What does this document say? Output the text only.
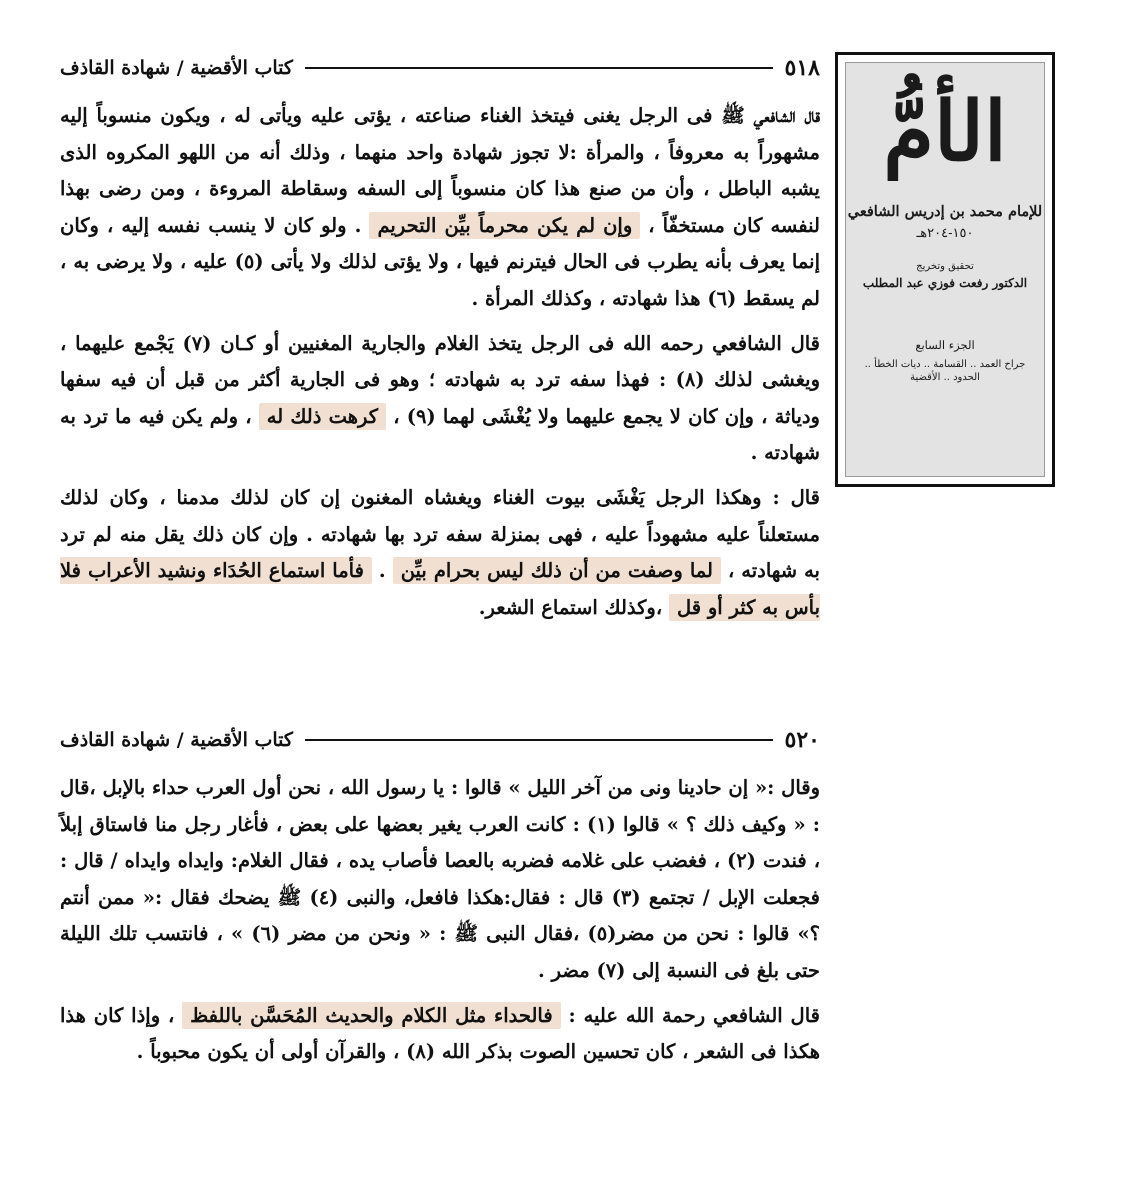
٥١٨
كتاب الأقضية / شهادة القاذف

قال الشافعي ﷺ فى الرجل يغنى فيتخذ الغناء صناعته ، يؤتى عليه ويأتى له ، ويكون منسوباً إليه مشهوراً به معروفاً ، والمرأة :لا تجوز شهادة واحد منهما ، وذلك أنه من اللهو المكروه الذى يشبه الباطل ، وأن من صنع هذا كان منسوباً إلى السفه وسقاطة المروءة ، ومن رضى بهذا لنفسه كان مستخفّاً ، وإن لم يكن محرماً بيِّن التحريم . ولو كان لا ينسب نفسه إليه ، وكان إنما يعرف بأنه يطرب فى الحال فيترنم فيها ، ولا يؤتى لذلك ولا يأتى (٥) عليه ، ولا يرضى به ، لم يسقط (٦) هذا شهادته ، وكذلك المرأة .

قال الشافعي رحمه الله فى الرجل يتخذ الغلام والجارية المغنيين أو كـان (٧) يَجْمع عليهما ، ويغشى لذلك (٨) : فهذا سفه ترد به شهادته ؛ وهو فى الجارية أكثر من قبل أن فيه سفها ودياثة ، وإن كان لا يجمع عليهما ولا يُغْشَى لهما (٩) ، كرهت ذلك له ، ولم يكن فيه ما ترد به شهادته .

قال : وهكذا الرجل يَغْشَى بيوت الغناء ويغشاه المغنون إن كان لذلك مدمنا ، وكان لذلك مستعلناً عليه مشهوداً عليه ، فهى بمنزلة سفه ترد بها شهادته . وإن كان ذلك يقل منه لم ترد به شهادته ، لما وصفت من أن ذلك ليس بحرام بيِّن . فأما استماع الحُدَاء ونشيد الأعراب فلا بأس به كثر أو قل ،وكذلك استماع الشعر.

٥٢٠
كتاب الأقضية / شهادة القاذف

وقال :« إن حادينا ونى من آخر الليل » قالوا : يا رسول الله ، نحن أول العرب حداء بالإبل ،قال : « وكيف ذلك ؟ » قالوا (١) : كانت العرب يغير بعضها على بعض ، فأغار رجل منا فاستاق إبلاً ، فندت (٢) ، فغضب على غلامه فضربه بالعصا فأصاب يده ، فقال الغلام: وايداه وايداه / قال : فجعلت الإبل / تجتمع (٣) قال : فقال:هكذا فافعل، والنبى (٤) ﷺ يضحك فقال :« ممن أنتم ؟» قالوا : نحن من مضر(٥) ،فقال النبى ﷺ : « ونحن من مضر (٦) » ، فانتسب تلك الليلة حتى بلغ فى النسبة إلى (٧) مضر .

قال الشافعي رحمة الله عليه : فالحداء مثل الكلام والحديث المُحَسَّن باللفظ ، وإذا كان هذا هكذا فى الشعر ، كان تحسين الصوت بذكر الله (٨) ، والقرآن أولى أن يكون محبوباً .

الأمُّ
للإمام محمد بن إدريس الشافعي
١٥٠-٢٠٤هـ
تحقيق وتخريج
الدكتور رفعت فوزي عبد المطلب
الجزء السابع
جراح العمد .. القسامة .. ديات الخطأ .. الحدود .. الأقضية
